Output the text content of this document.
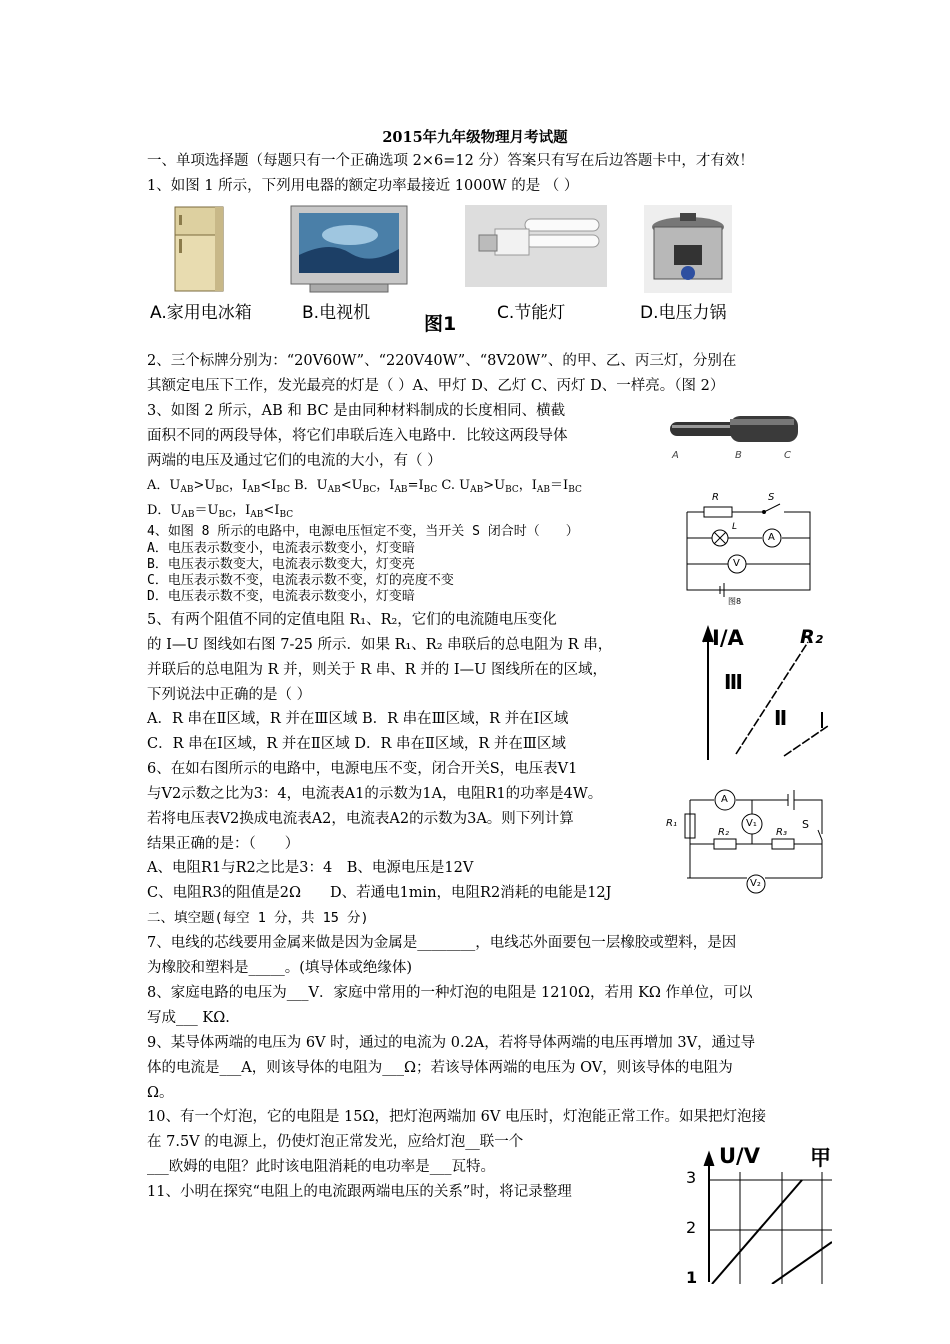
2015年九年级物理月考试题
一、单项选择题（每题只有一个正确选项 2×6=12 分）答案只有写在后边答题卡中，才有效！
1、如图 1 所示，下列用电器的额定功率最接近 1000W 的是 （ ）
A.家用电冰箱	B.电视机	C.节能灯	D.电压力锅
图1
2、三个标牌分别为：“20V60W”、“220V40W”、“8V20W”、的甲、乙、丙三灯，分别在
其额定电压下工作，发光最亮的灯是（ ）A、甲灯 D、乙灯 C、丙灯 D、一样亮。（图 2）
3、如图 2 所示，AB 和 BC 是由同种材料制成的长度相同、横截
面积不同的两段导体，将它们串联后连入电路中．比较这两段导体
两端的电压及通过它们的电流的大小，有（ ）
A．$U_{AB}>U_{BC}$，$I_{AB}<I_{BC}$ B．$U_{AB}<U_{BC}$，$I_{AB}=I_{BC}$ C. $U_{AB}>U_{BC}$，$I_{AB}=I_{BC}$
D．$U_{AB}=U_{BC}$，$I_{AB}<I_{BC}$
A	B	C
4、如图 8 所示的电路中，电源电压恒定不变，当开关 S 闭合时（　　）
A．电压表示数变小，电流表示数变小，灯变暗
B．电压表示数变大，电流表示数变大，灯变亮
C．电压表示数不变，电流表示数不变，灯的亮度不变
D．电压表示数不变，电流表示数变小，灯变暗
R	S
L
A
V
图8
5、有两个阻值不同的定值电阻 R₁、R₂，它们的电流随电压变化
的 I—U 图线如右图 7-25 所示．如果 R₁、R₂ 串联后的总电阻为 R 串，
并联后的总电阻为 R 并，则关于 R 串、R 并的 I—U 图线所在的区域，
下列说法中正确的是（ ）
A．R 串在Ⅱ区域，R 并在Ⅲ区域 B．R 串在Ⅲ区域，R 并在Ⅰ区域
C．R 串在Ⅰ区域，R 并在Ⅱ区域 D．R 串在Ⅱ区域，R 并在Ⅲ区域
I/A	R₂
Ⅲ
Ⅱ
6、在如右图所示的电路中，电源电压不变，闭合开关S，电压表V1
与V2示数之比为3：4，电流表A1的示数为1A，电阻R1的功率是4W。
若将电压表V2换成电流表A2，电流表A2的示数为3A。则下列计算
结果正确的是：（　　）
A、电阻R1与R2之比是3：4　B、电源电压是12V
C、电阻R3的阻值是2Ω　　D、若通电1min，电阻R2消耗的电能是12J
A
R₁	V₁	S
R₂	R₃
V₂
二、填空题(每空 1 分，共 15 分)
7、电线的芯线要用金属来做是因为金属是________，电线芯外面要包一层橡胶或塑料，是因
为橡胶和塑料是_____。(填导体或绝缘体)
8、家庭电路的电压为___V．家庭中常用的一种灯泡的电阻是 1210Ω，若用 KΩ 作单位，可以
写成___ KΩ.
9、某导体两端的电压为 6V 时，通过的电流为 0.2A，若将导体两端的电压再增加 3V，通过导
体的电流是___A，则该导体的电阻为___Ω；若该导体两端的电压为 OV，则该导体的电阻为
Ω。
10、有一个灯泡，它的电阻是 15Ω，把灯泡两端加 6V 电压时，灯泡能正常工作。如果把灯泡接
在 7.5V 的电源上，仍使灯泡正常发光，应给灯泡__联一个
___欧姆的电阻？此时该电阻消耗的电功率是___瓦特。
11、小明在探究“电阻上的电流跟两端电压的关系”时，将记录整理
U/V 甲
3
2
1
